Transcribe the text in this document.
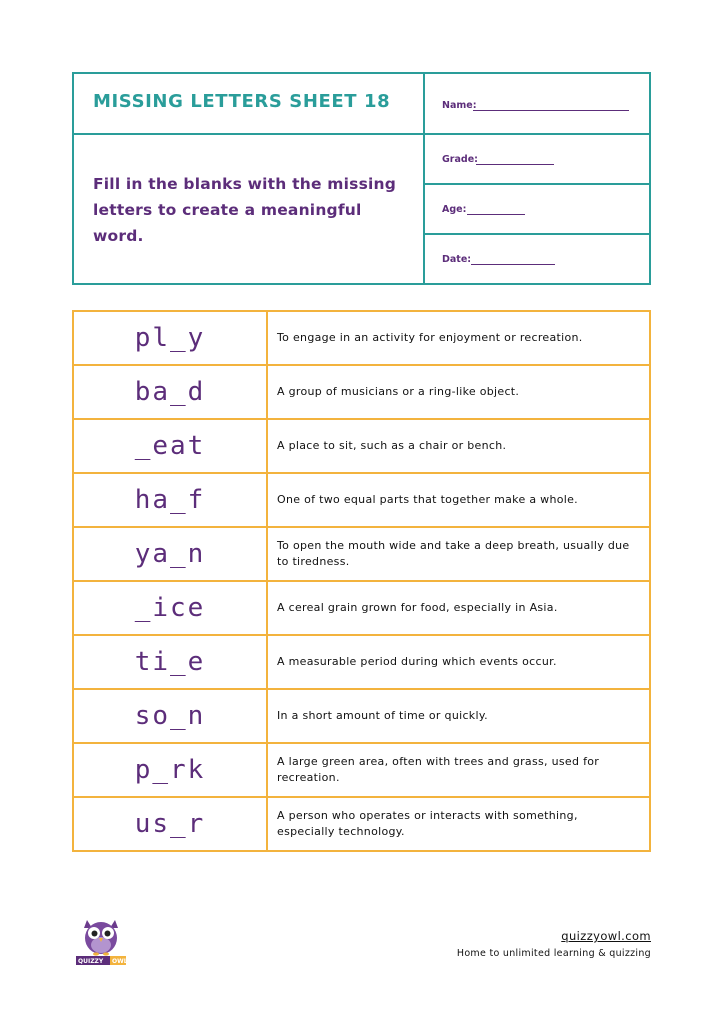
MISSING LETTERS SHEET 18
Fill in the blanks with the missing letters to create a meaningful word.
Name:
Grade:
Age:
Date:
pl_y	To engage in an activity for enjoyment or recreation.
ba_d	A group of musicians or a ring-like object.
_eat	A place to sit, such as a chair or bench.
ha_f	One of two equal parts that together make a whole.
ya_n	To open the mouth wide and take a deep breath, usually due to tiredness.
_ice	A cereal grain grown for food, especially in Asia.
ti_e	A measurable period during which events occur.
so_n	In a short amount of time or quickly.
p_rk	A large green area, often with trees and grass, used for recreation.
us_r	A person who operates or interacts with something, especially technology.
QUIZZY OWL
quizzyowl.com
Home to unlimited learning & quizzing
